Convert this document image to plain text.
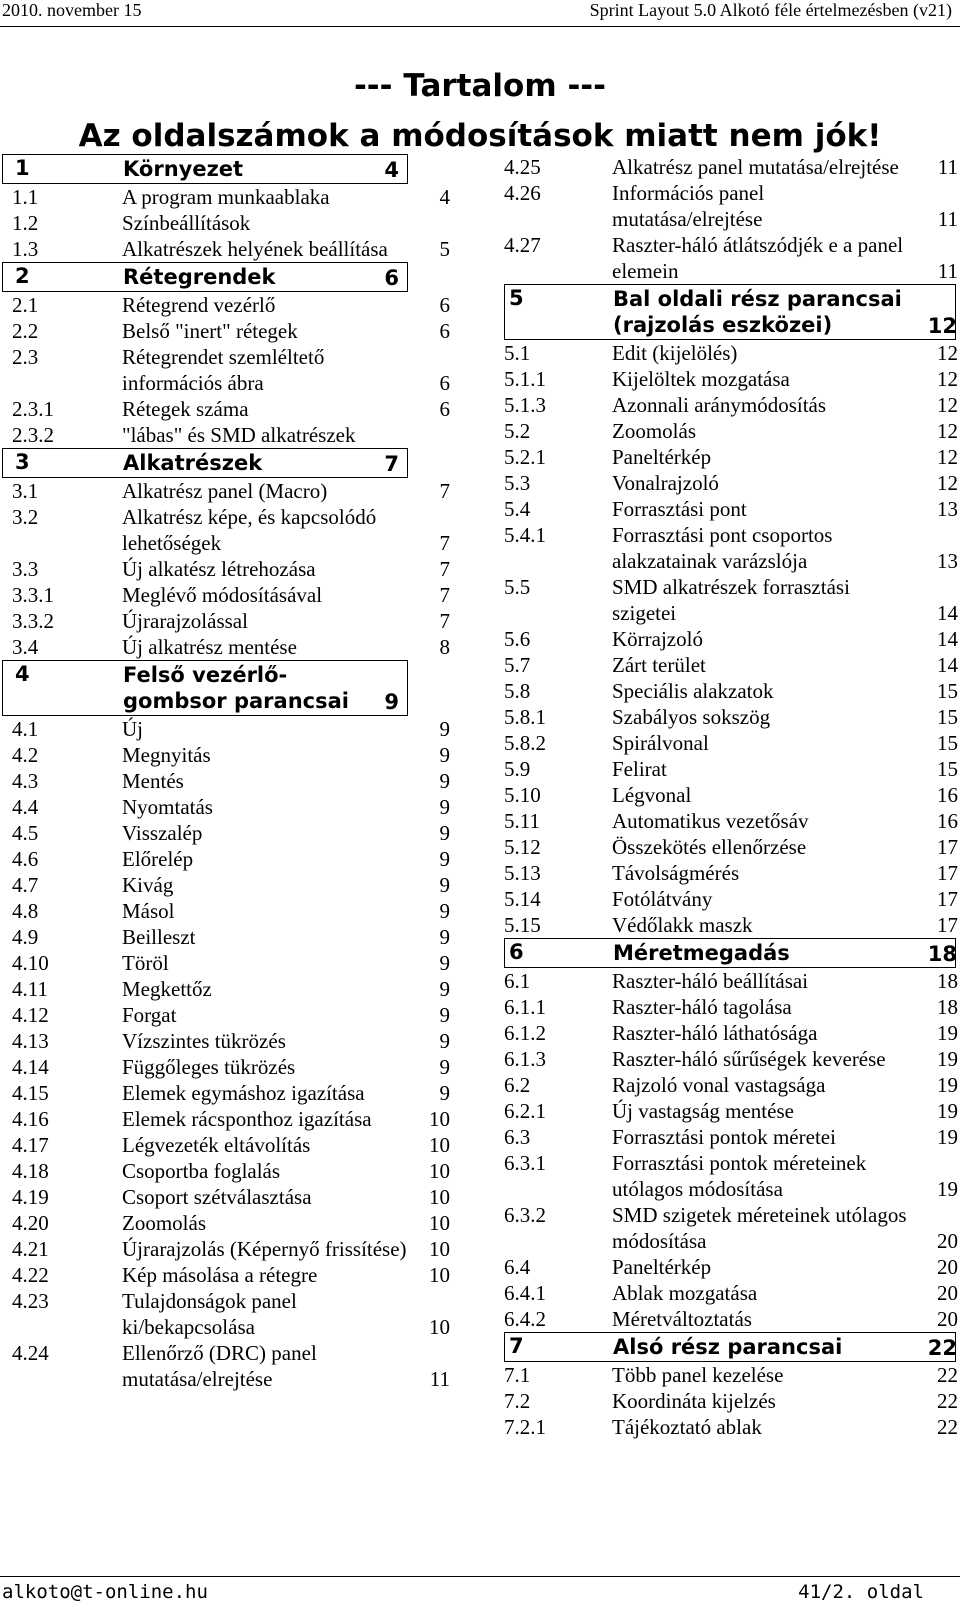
2010. november 15	Sprint Layout 5.0 Alkotó féle értelmezésben (v21)
--- Tartalom ---
Az oldalszámok a módosítások miatt nem jók!
1	Környezet	4
1.1	A program munkaablaka	4
1.2	Színbeállítások
1.3	Alkatrészek helyének beállítása	5
2	Rétegrendek	6
2.1	Rétegrend vezérlő	6
2.2	Belső "inert" rétegek	6
2.3	Rétegrendet szemléltető információs ábra	6
2.3.1	Rétegek száma	6
2.3.2	"lábas" és SMD alkatrészek
3	Alkatrészek	7
3.1	Alkatrész panel (Macro)	7
3.2	Alkatrész képe, és kapcsolódó lehetőségek	7
3.3	Új alkatész létrehozása	7
3.3.1	Meglévő módosításával	7
3.3.2	Újrarajzolással	7
3.4	Új alkatrész mentése	8
4	Felső vezérlő-gombsor parancsai	9
4.1	Új	9
4.2	Megnyitás	9
4.3	Mentés	9
4.4	Nyomtatás	9
4.5	Visszalép	9
4.6	Előrelép	9
4.7	Kivág	9
4.8	Másol	9
4.9	Beilleszt	9
4.10	Töröl	9
4.11	Megkettőz	9
4.12	Forgat	9
4.13	Vízszintes tükrözés	9
4.14	Függőleges tükrözés	9
4.15	Elemek egymáshoz igazítása	9
4.16	Elemek rácsponthoz igazítása	10
4.17	Légvezeték eltávolítás	10
4.18	Csoportba foglalás	10
4.19	Csoport szétválasztása	10
4.20	Zoomolás	10
4.21	Újrarajzolás (Képernyő frissítése)	10
4.22	Kép másolása a rétegre	10
4.23	Tulajdonságok panel ki/bekapcsolása	10
4.24	Ellenőrző (DRC) panel mutatása/elrejtése	11
4.25	Alkatrész panel mutatása/elrejtése	11
4.26	Információs panel mutatása/elrejtése	11
4.27	Raszter-háló átlátszódjék e a panel elemein	11
5	Bal oldali rész parancsai (rajzolás eszközei)	12
5.1	Edit (kijelölés)	12
5.1.1	Kijelöltek mozgatása	12
5.1.3	Azonnali aránymódosítás	12
5.2	Zoomolás	12
5.2.1	Paneltérkép	12
5.3	Vonalrajzoló	12
5.4	Forrasztási pont	13
5.4.1	Forrasztási pont csoportos alakzatainak varázslója	13
5.5	SMD alkatrészek forrasztási szigetei	14
5.6	Körrajzoló	14
5.7	Zárt terület	14
5.8	Speciális alakzatok	15
5.8.1	Szabályos sokszög	15
5.8.2	Spirálvonal	15
5.9	Felirat	15
5.10	Légvonal	16
5.11	Automatikus vezetősáv	16
5.12	Összekötés ellenőrzése	17
5.13	Távolságmérés	17
5.14	Fotólátvány	17
5.15	Védőlakk maszk	17
6	Méretmegadás	18
6.1	Raszter-háló beállításai	18
6.1.1	Raszter-háló tagolása	18
6.1.2	Raszter-háló láthatósága	19
6.1.3	Raszter-háló sűrűségek keverése	19
6.2	Rajzoló vonal vastagsága	19
6.2.1	Új vastagság mentése	19
6.3	Forrasztási pontok méretei	19
6.3.1	Forrasztási pontok méreteinek utólagos módosítása	19
6.3.2	SMD szigetek méreteinek utólagos módosítása	20
6.4	Paneltérkép	20
6.4.1	Ablak mozgatása	20
6.4.2	Méretváltoztatás	20
7	Alsó rész parancsai	22
7.1	Több panel kezelése	22
7.2	Koordináta kijelzés	22
7.2.1	Tájékoztató ablak	22
alkoto@t-online.hu	41/2. oldal
